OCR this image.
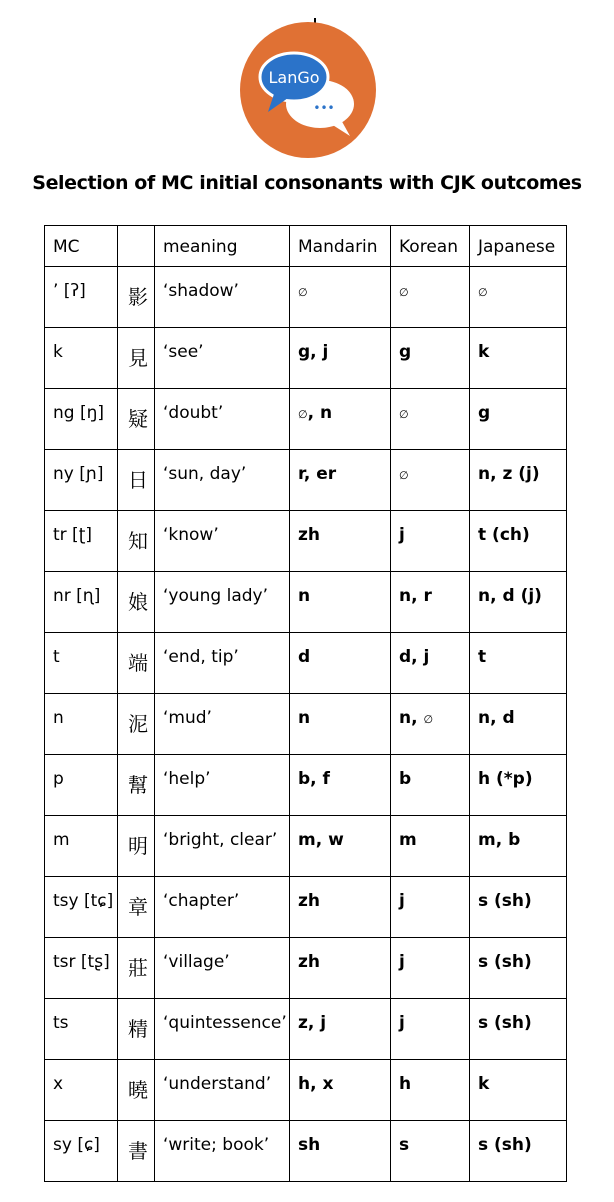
LanGo
•••
Selection of MC initial consonants with CJK outcomes
MC		meaning	Mandarin	Korean	Japanese
’ [ʔ]	影	‘shadow’	∅	∅	∅
k	見	‘see’	g, j	g	k
ng [ŋ]	疑	‘doubt’	∅, n	∅	g
ny [ɲ]	日	‘sun, day’	r, er	∅	n, z (j)
tr [ʈ]	知	‘know’	zh	j	t (ch)
nr [ɳ]	娘	‘young lady’	n	n, r	n, d (j)
t	端	‘end, tip’	d	d, j	t
n	泥	‘mud’	n	n, ∅	n, d
p	幫	‘help’	b, f	b	h (*p)
m	明	‘bright, clear’	m, w	m	m, b
tsy [tɕ]	章	‘chapter’	zh	j	s (sh)
tsr [tʂ]	莊	‘village’	zh	j	s (sh)
ts	精	‘quintessence’	z, j	j	s (sh)
x	曉	‘understand’	h, x	h	k
sy [ɕ]	書	‘write; book’	sh	s	s (sh)
